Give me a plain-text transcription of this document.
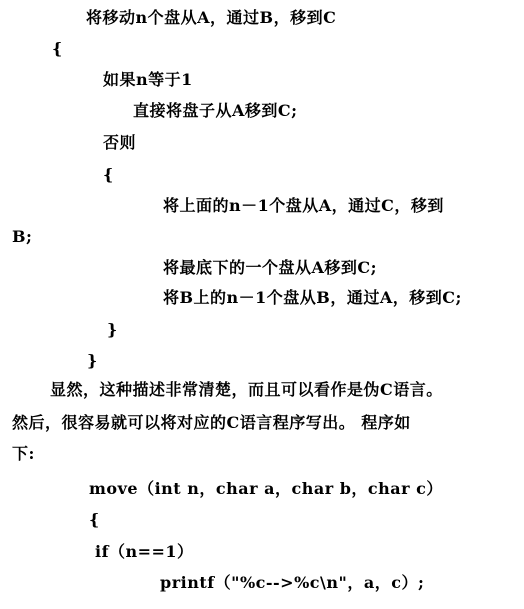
将移动n个盘从A，通过B，移到C
{
如果n等于1
直接将盘子从A移到C;
否则
{
将上面的n－1个盘从A，通过C，移到
B;
将最底下的一个盘从A移到C;
将B上的n－1个盘从B，通过A，移到C;
}
}
显然，这种描述非常清楚，而且可以看作是伪C语言。
然后，很容易就可以将对应的C语言程序写出。 程序如
下:
move（int n，char a，char b，char c）
{
if（n==1）
printf（"%c-->%c\n"，a，c）;
